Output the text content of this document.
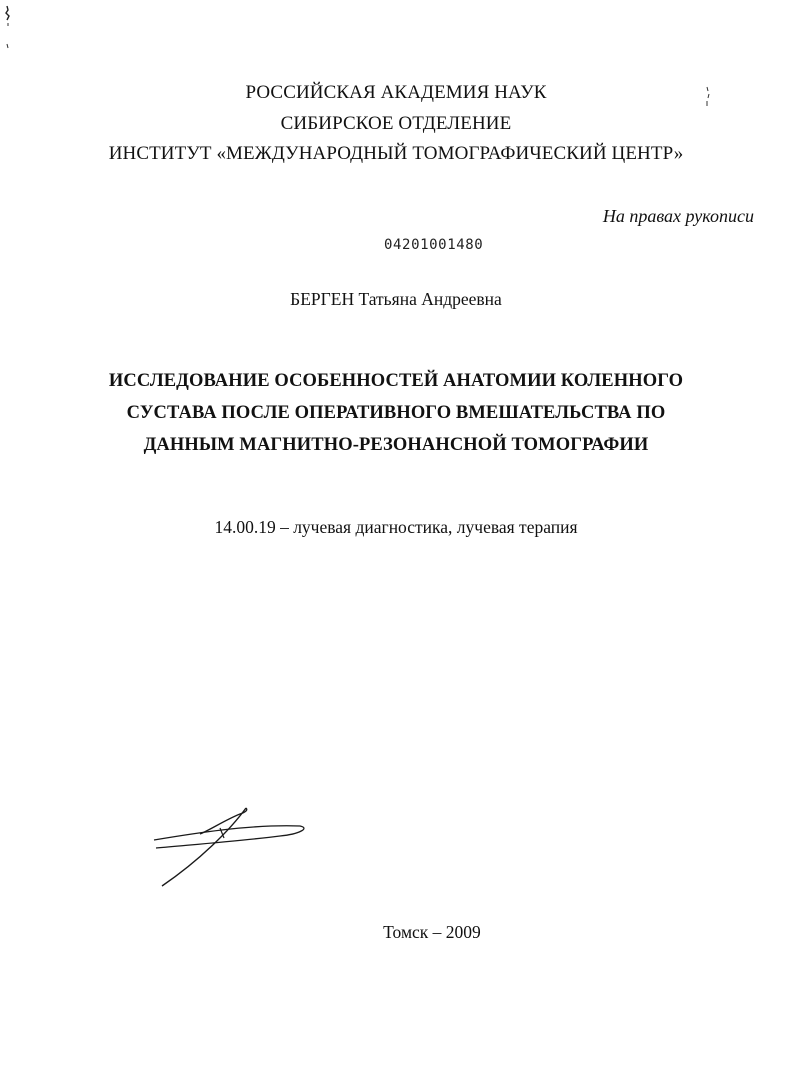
РОССИЙСКАЯ АКАДЕМИЯ НАУК
СИБИРСКОЕ ОТДЕЛЕНИЕ
ИНСТИТУТ «МЕЖДУНАРОДНЫЙ ТОМОГРАФИЧЕСКИЙ ЦЕНТР»
На правах рукописи
04201001480
БЕРГЕН Татьяна Андреевна
ИССЛЕДОВАНИЕ ОСОБЕННОСТЕЙ АНАТОМИИ КОЛЕННОГО
СУСТАВА ПОСЛЕ ОПЕРАТИВНОГО ВМЕШАТЕЛЬСТВА ПО
ДАННЫМ МАГНИТНО-РЕЗОНАНСНОЙ ТОМОГРАФИИ
14.00.19 – лучевая диагностика, лучевая терапия
Томск – 2009
